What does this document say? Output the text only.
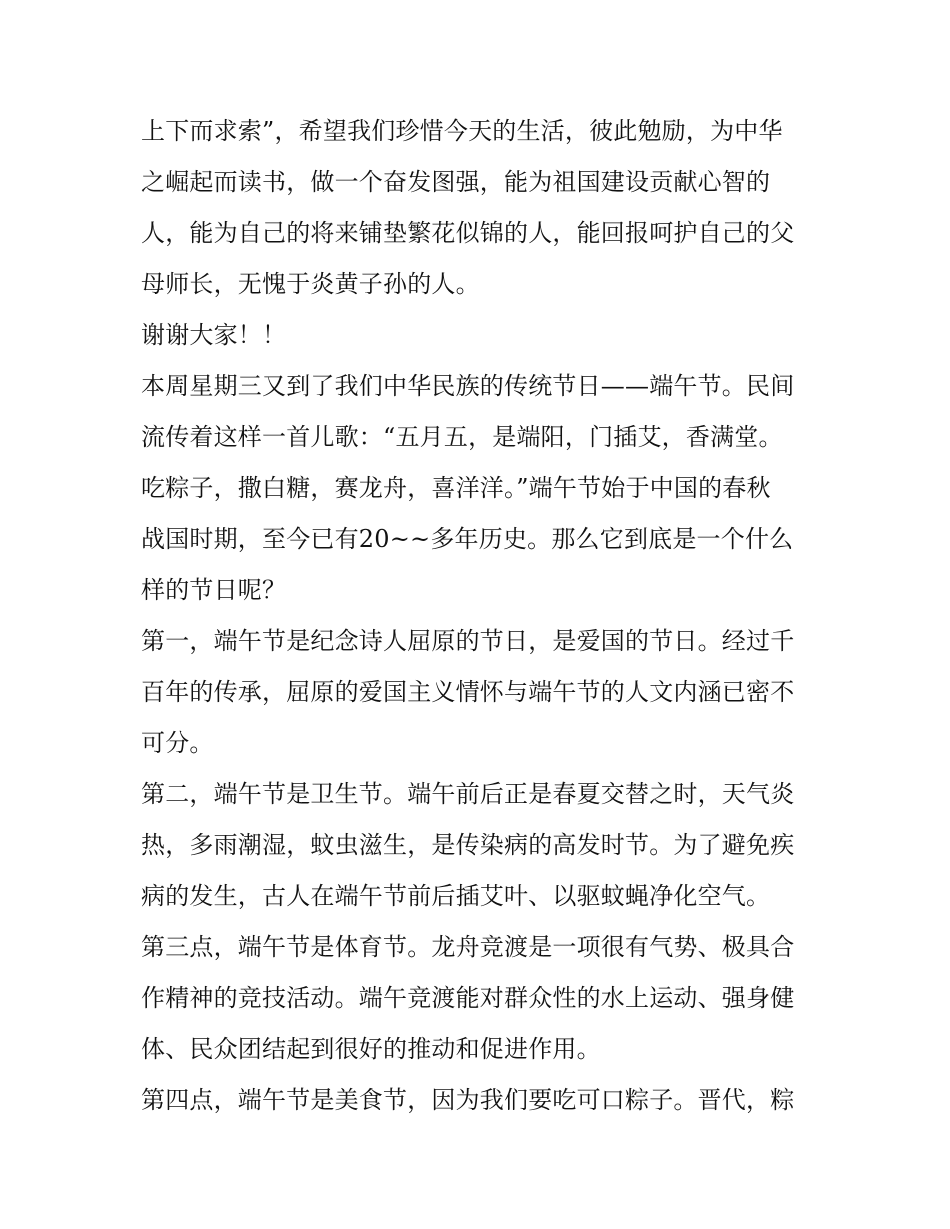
上下而求索”，希望我们珍惜今天的生活，彼此勉励，为中华
之崛起而读书，做一个奋发图强，能为祖国建设贡献心智的
人，能为自己的将来铺垫繁花似锦的人，能回报呵护自己的父
母师长，无愧于炎黄子孙的人。
谢谢大家！！
本周星期三又到了我们中华民族的传统节日——端午节。民间
流传着这样一首儿歌：“五月五，是端阳，门插艾，香满堂。
吃粽子，撒白糖，赛龙舟，喜洋洋。”端午节始于中国的春秋
战国时期，至今已有20~~多年历史。那么它到底是一个什么
样的节日呢？
第一，端午节是纪念诗人屈原的节日，是爱国的节日。经过千
百年的传承，屈原的爱国主义情怀与端午节的人文内涵已密不
可分。
第二，端午节是卫生节。端午前后正是春夏交替之时，天气炎
热，多雨潮湿，蚊虫滋生，是传染病的高发时节。为了避免疾
病的发生，古人在端午节前后插艾叶、以驱蚊蝇净化空气。
第三点，端午节是体育节。龙舟竞渡是一项很有气势、极具合
作精神的竞技活动。端午竞渡能对群众性的水上运动、强身健
体、民众团结起到很好的推动和促进作用。
第四点，端午节是美食节，因为我们要吃可口粽子。晋代，粽
